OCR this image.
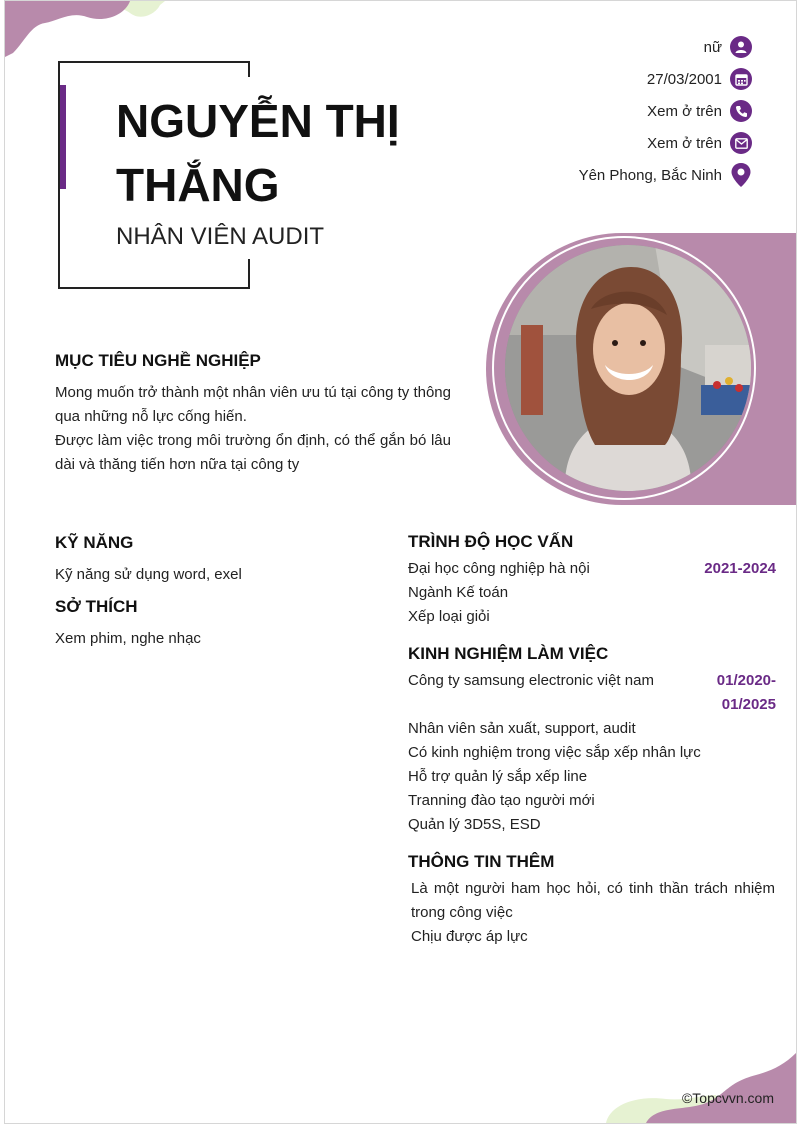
NGUYỄN THỊ
THẮNG

NHÂN VIÊN AUDIT

nữ
27/03/2001
Xem ở trên
Xem ở trên
Yên Phong, Bắc Ninh
MỤC TIÊU NGHỀ NGHIỆP

Mong muốn trở thành một nhân viên ưu tú tại công ty thông qua những nỗ lực cống hiến.

Được làm việc trong môi trường ổn định, có thể gắn bó lâu dài và thăng tiến hơn nữa tại công ty

KỸ NĂNG

Kỹ năng sử dụng word, exel

SỞ THÍCH

Xem phim, nghe nhạc

TRÌNH ĐỘ HỌC VẤN

Đại học công nghiệp hà nội	2021-2024

Ngành Kế toán

Xếp loại giỏi

KINH NGHIỆM LÀM VIỆC

Công ty samsung electronic việt nam	01/2020-
01/2025

Nhân viên sản xuất, support, audit

Có kinh nghiệm trong việc sắp xếp nhân lực

Hỗ trợ quản lý sắp xếp line

Tranning đào tạo người mới

Quản lý 3D5S, ESD

THÔNG TIN THÊM

Là một người ham học hỏi, có tinh thần trách nhiệm trong công việc

Chịu được áp lực

©Topcvvn.com
